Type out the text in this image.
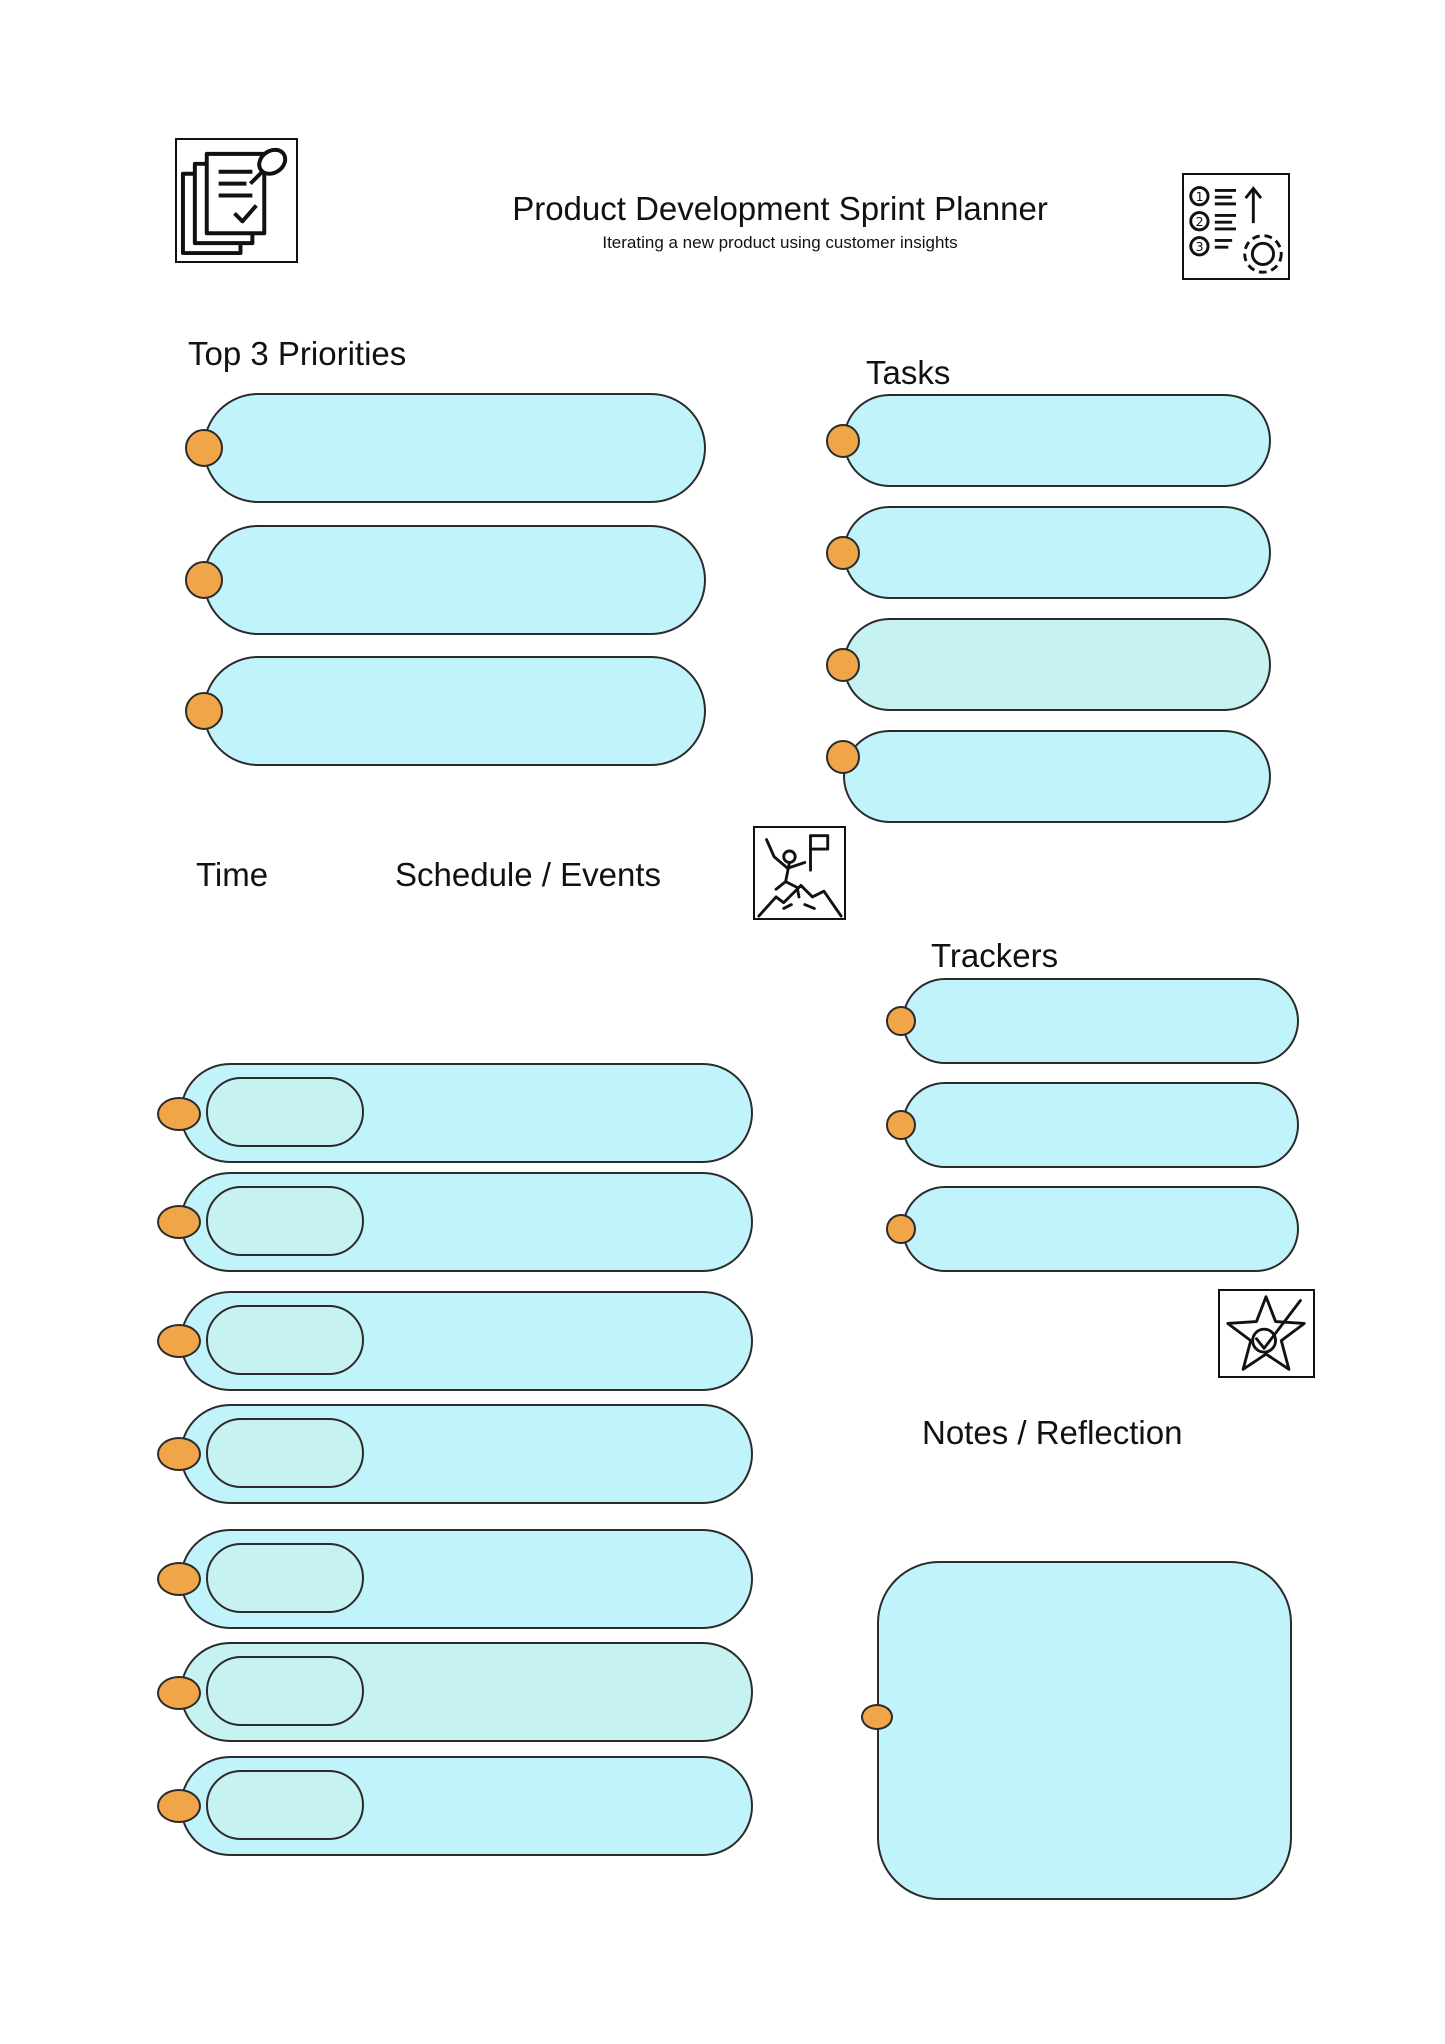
1
2
3
Product Development Sprint Planner
Iterating a new product using customer insights
Top 3 Priorities
Tasks
Time	Schedule / Events
Trackers
Notes / Reflection
